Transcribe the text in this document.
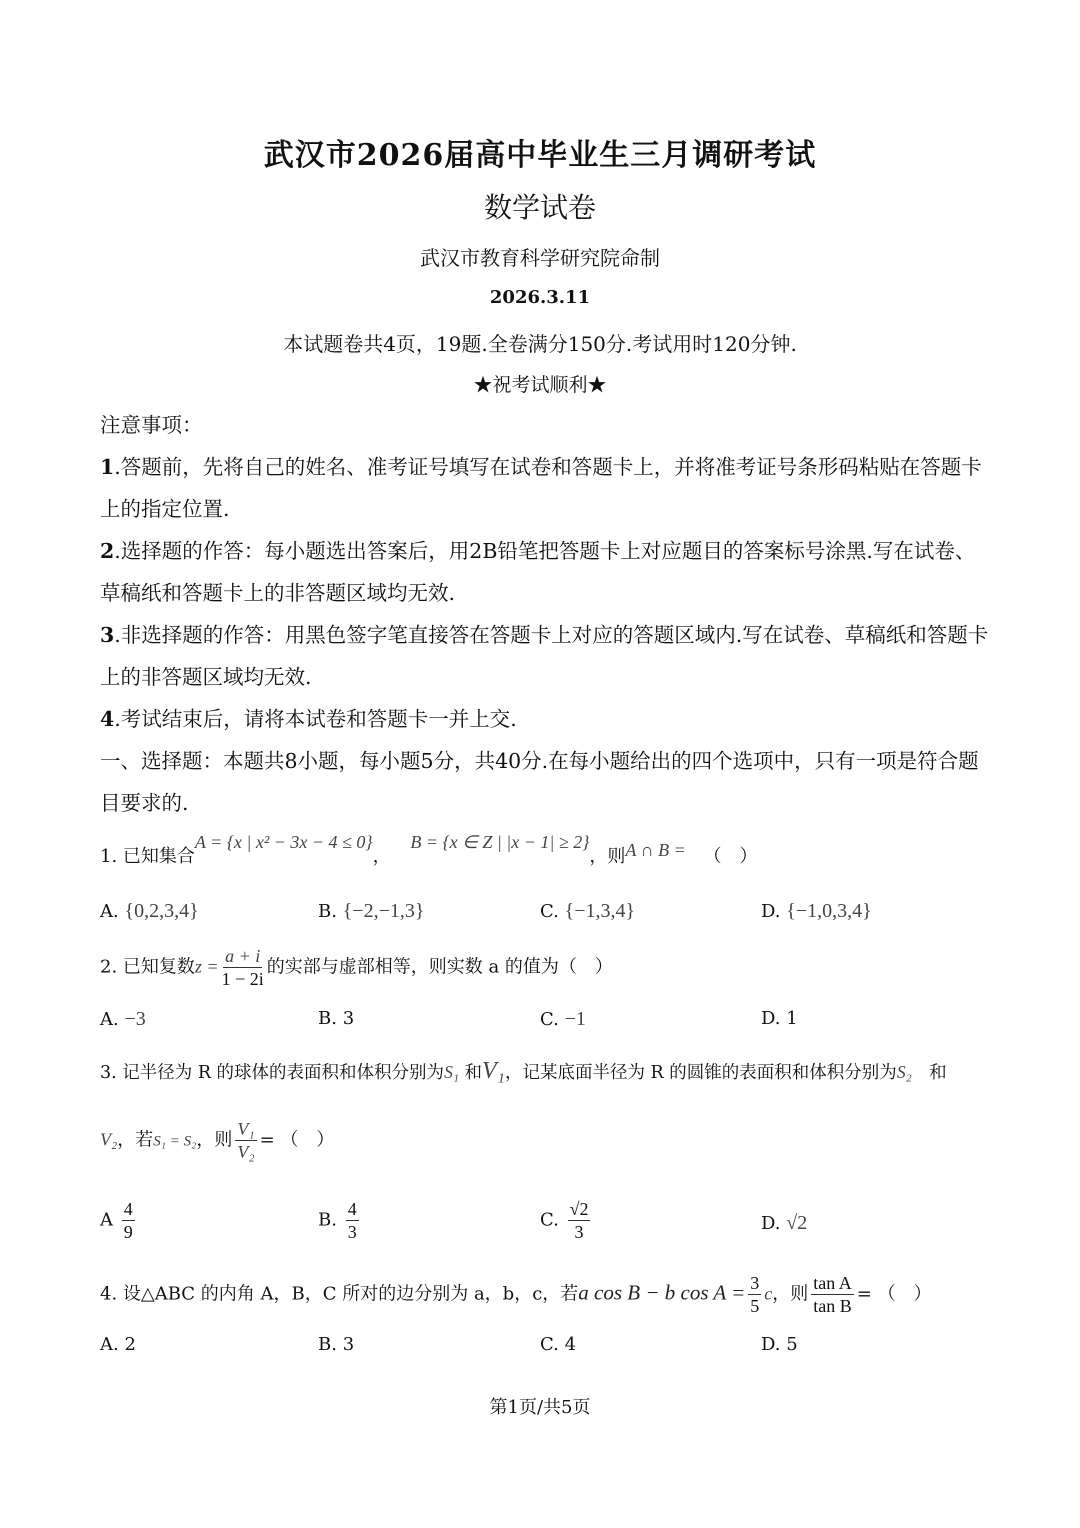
武汉市2026届高中毕业生三月调研考试
数学试卷
武汉市教育科学研究院命制
2026.3.11
本试题卷共4页，19题.全卷满分150分.考试用时120分钟.
★祝考试顺利★
注意事项：
1.答题前，先将自己的姓名、准考证号填写在试卷和答题卡上，并将准考证号条形码粘贴在答题卡上的指定位置.
2.选择题的作答：每小题选出答案后，用2B铅笔把答题卡上对应题目的答案标号涂黑.写在试卷、草稿纸和答题卡上的非答题区域均无效.
3.非选择题的作答：用黑色签字笔直接答在答题卡上对应的答题区域内.写在试卷、草稿纸和答题卡上的非答题区域均无效.
4.考试结束后，请将本试卷和答题卡一并上交.
一、选择题：本题共8小题，每小题5分，共40分.在每小题给出的四个选项中，只有一项是符合题目要求的.
1. 已知集合A = {x | x² − 3x − 4 ≤ 0}， B = {x ∈ Z | |x − 1| ≥ 2}，则A ∩ B = （　）
A. {0,2,3,4}	B. {−2,−1,3}	C. {−1,3,4}	D. {−1,0,3,4}
2. 已知复数$z = \frac{a + i}{1 - 2i}$ 的实部与虚部相等，则实数 a 的值为（　）
A. −3	B. 3	C. −1	D. 1
3. 记半径为 R 的球体的表面积和体积分别为S₁ 和V₁，记某底面半径为 R 的圆锥的表面积和体积分别为S₂　 和
V₂，若S₁ = S₂，则 $\frac{\text{V₁}}{\text{V₂}}$ = （　）
A $\frac{4}{9}$	B. $\frac{4}{3}$	C. $\frac{√2}{3}$	D. √2
4. 设△ABC 的内角 A，B，C 所对的边分别为 a，b，c，若a cos B − b $\cos A = \frac{3}{5}$ c，则 $\frac{\text{tan A}}{\text{tan B}}$ = （　）
A. 2	B. 3	C. 4	D. 5
第1页/共5页
